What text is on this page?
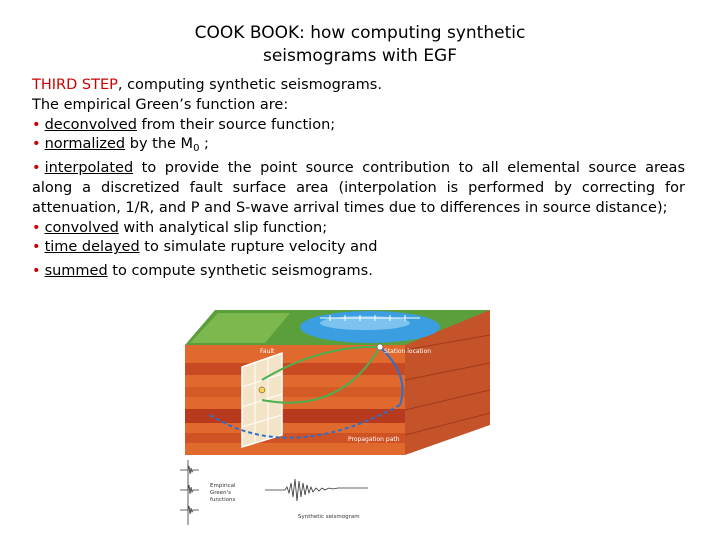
COOK BOOK: how computing synthetic
seismograms with EGF
THIRD STEP, computing synthetic seismograms.
The empirical Green’s function are:
• deconvolved from their source function;
• normalized by the $M_0$ ;
• interpolated to provide the point source contribution to all elemental source areas along a discretized fault surface area (interpolation is performed by correcting for attenuation, 1/R, and P and S-wave arrival times due to differences in source distance);
• convolved with analytical slip function;
• time delayed to simulate rupture velocity and
• summed to compute synthetic seismograms.
Fault	Station location
Propagation path
Empirical
Green's
functions
Synthetic seismogram
